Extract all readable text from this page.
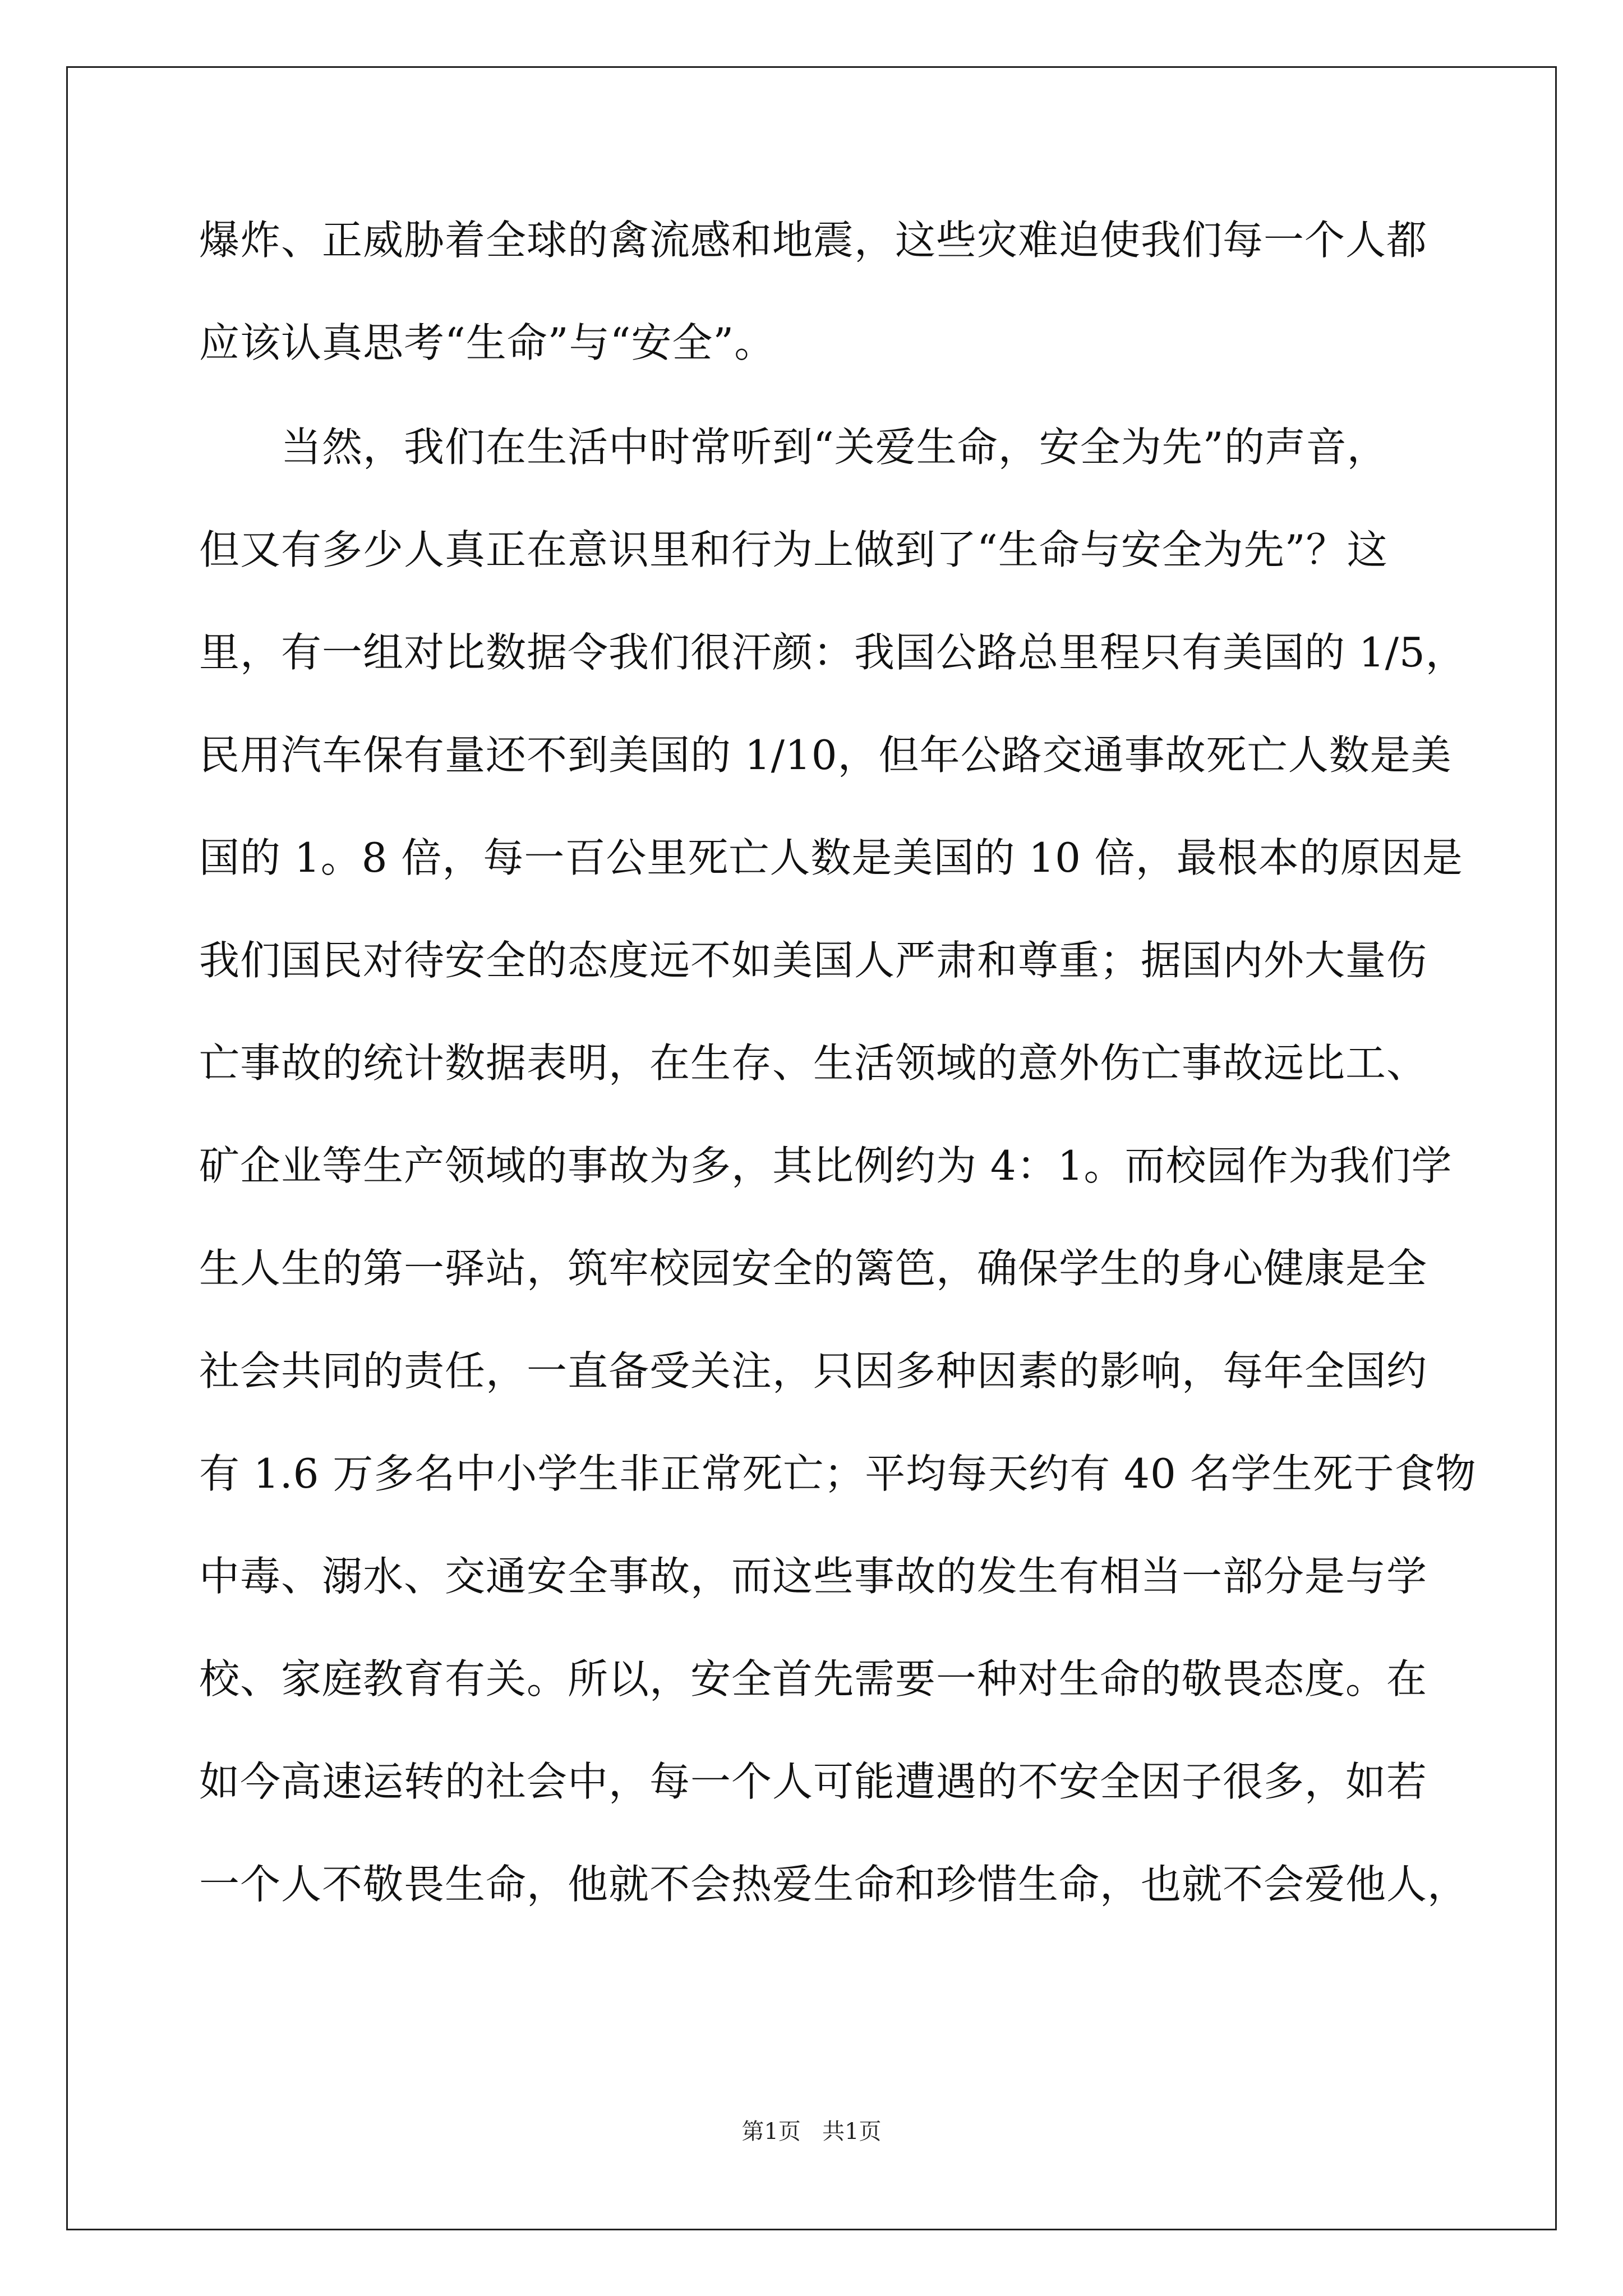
爆炸、正威胁着全球的禽流感和地震，这些灾难迫使我们每一个人都
应该认真思考“生命”与“安全”。
当然，我们在生活中时常听到“关爱生命，安全为先”的声音，
但又有多少人真正在意识里和行为上做到了“生命与安全为先”？这
里，有一组对比数据令我们很汗颜：我国公路总里程只有美国的 1/5，
民用汽车保有量还不到美国的 1/10，但年公路交通事故死亡人数是美
国的 1。8 倍，每一百公里死亡人数是美国的 10 倍，最根本的原因是
我们国民对待安全的态度远不如美国人严肃和尊重；据国内外大量伤
亡事故的统计数据表明，在生存、生活领域的意外伤亡事故远比工、
矿企业等生产领域的事故为多，其比例约为 4：1。而校园作为我们学
生人生的第一驿站，筑牢校园安全的篱笆，确保学生的身心健康是全
社会共同的责任，一直备受关注，只因多种因素的影响，每年全国约
有 1.6 万多名中小学生非正常死亡；平均每天约有 40 名学生死于食物
中毒、溺水、交通安全事故，而这些事故的发生有相当一部分是与学
校、家庭教育有关。所以，安全首先需要一种对生命的敬畏态度。在
如今高速运转的社会中，每一个人可能遭遇的不安全因子很多，如若
一个人不敬畏生命，他就不会热爱生命和珍惜生命，也就不会爱他人，
第1页 共1页
